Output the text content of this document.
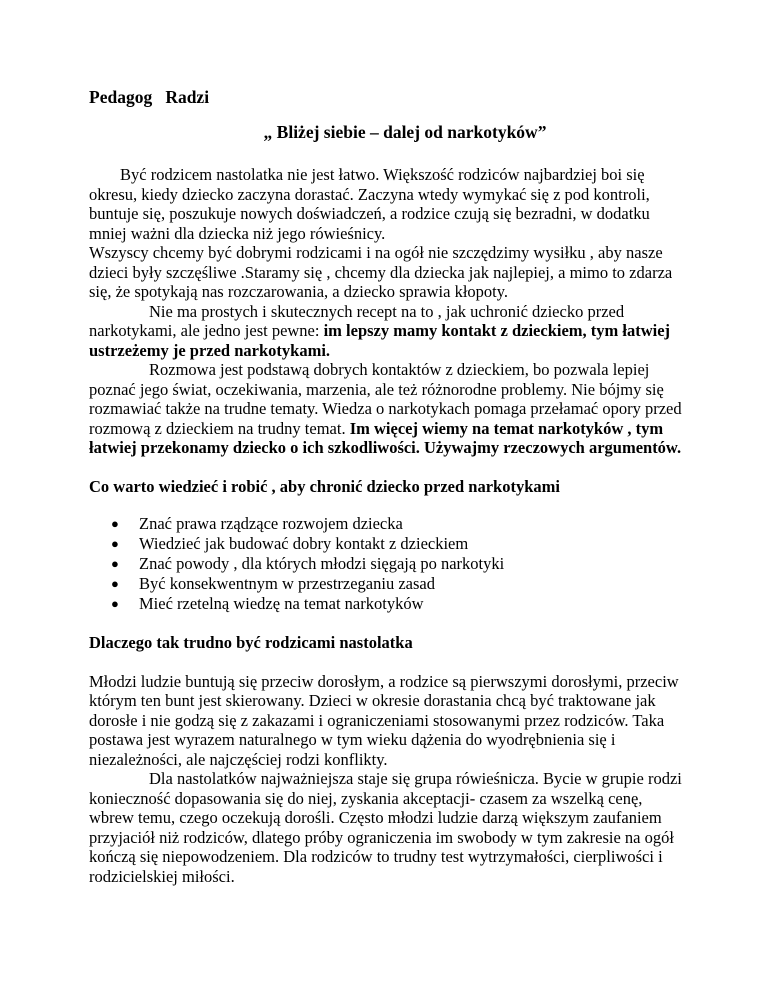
Pedagog   Radzi
„ Bliżej siebie – dalej od narkotyków”

Być rodzicem nastolatka nie jest łatwo. Większość rodziców najbardziej boi się okresu, kiedy dziecko zaczyna dorastać. Zaczyna wtedy wymykać się z pod kontroli, buntuje się, poszukuje nowych doświadczeń, a rodzice czują się bezradni, w dodatku mniej ważni dla dziecka niż jego rówieśnicy.

Wszyscy chcemy być dobrymi rodzicami i na ogół nie szczędzimy wysiłku , aby nasze dzieci były szczęśliwe .Staramy się , chcemy dla dziecka jak najlepiej, a mimo to zdarza się, że spotykają nas rozczarowania, a dziecko sprawia kłopoty.

Nie ma prostych i skutecznych recept na to , jak uchronić dziecko przed narkotykami, ale jedno jest pewne: im lepszy mamy kontakt z dzieckiem, tym łatwiej ustrzeżemy je przed narkotykami.

Rozmowa jest podstawą dobrych kontaktów z dzieckiem, bo pozwala lepiej poznać jego świat, oczekiwania, marzenia, ale też różnorodne problemy. Nie bójmy się rozmawiać także na trudne tematy. Wiedza o narkotykach pomaga przełamać opory przed rozmową z dzieckiem na trudny temat. Im więcej wiemy na temat narkotyków , tym łatwiej przekonamy dziecko o ich szkodliwości. Używajmy rzeczowych argumentów.

Co warto wiedzieć i robić , aby chronić dziecko przed narkotykami
● Znać prawa rządzące rozwojem dziecka
● Wiedzieć jak budować dobry kontakt z dzieckiem
● Znać powody , dla których młodzi sięgają po narkotyki
● Być konsekwentnym w przestrzeganiu zasad
● Mieć rzetelną wiedzę na temat narkotyków
Dlaczego tak trudno być rodzicami nastolatka

Młodzi ludzie buntują się przeciw dorosłym, a rodzice są pierwszymi dorosłymi, przeciw którym ten bunt jest skierowany. Dzieci w okresie dorastania chcą być traktowane jak dorosłe i nie godzą się z zakazami i ograniczeniami stosowanymi przez rodziców. Taka postawa jest wyrazem naturalnego w tym wieku dążenia do wyodrębnienia się i niezależności, ale najczęściej rodzi konflikty.

Dla nastolatków najważniejsza staje się grupa rówieśnicza. Bycie w grupie rodzi konieczność dopasowania się do niej, zyskania akceptacji- czasem za wszelką cenę, wbrew temu, czego oczekują dorośli. Często młodzi ludzie darzą większym zaufaniem przyjaciół niż rodziców, dlatego próby ograniczenia im swobody w tym zakresie na ogół kończą się niepowodzeniem. Dla rodziców to trudny test wytrzymałości, cierpliwości i rodzicielskiej miłości.
